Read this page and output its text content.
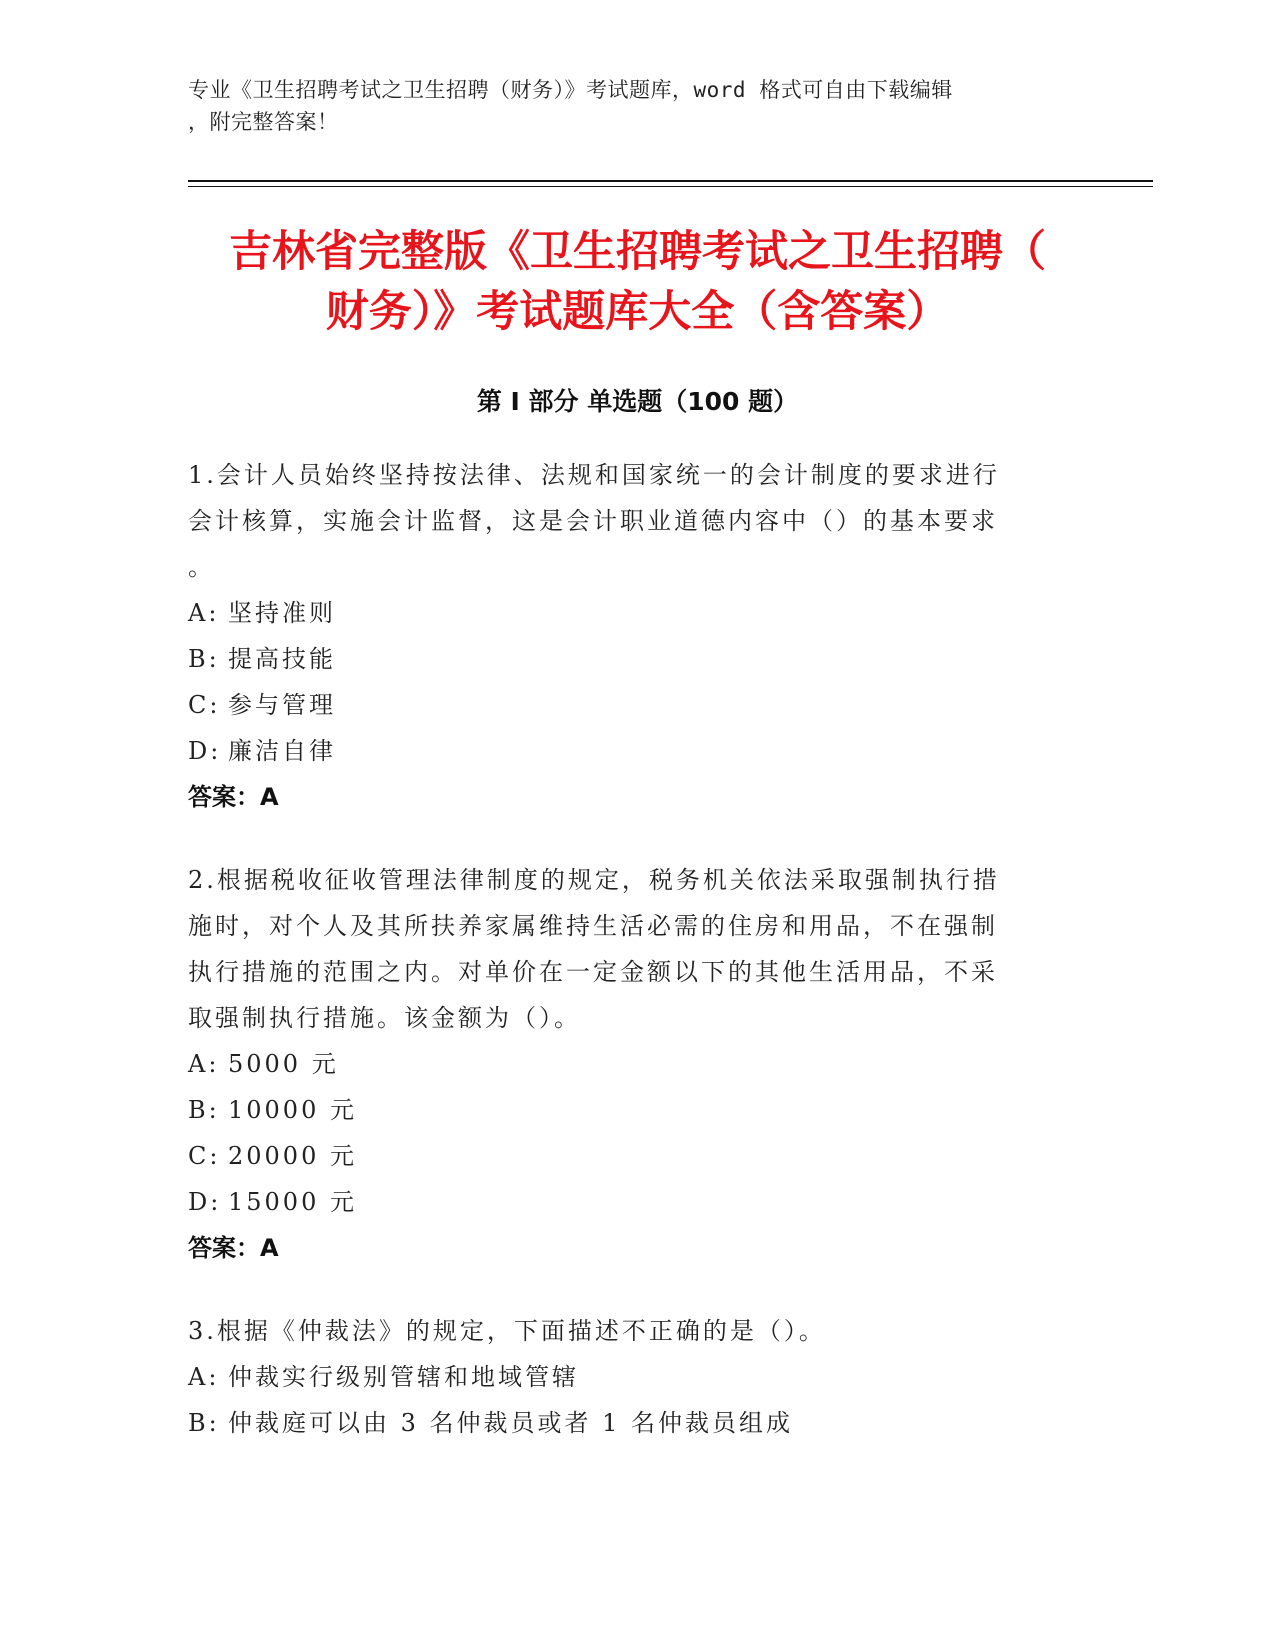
专业《卫生招聘考试之卫生招聘（财务）》考试题库，word 格式可自由下载编辑
，附完整答案！
吉林省完整版《卫生招聘考试之卫生招聘（
财务）》考试题库大全（含答案）
第 I 部分 单选题（100 题）
1.会计人员始终坚持按法律、法规和国家统一的会计制度的要求进行
会计核算，实施会计监督，这是会计职业道德内容中（）的基本要求
。
A: 坚持准则
B: 提高技能
C: 参与管理
D: 廉洁自律
答案：A
2.根据税收征收管理法律制度的规定，税务机关依法采取强制执行措
施时，对个人及其所扶养家属维持生活必需的住房和用品，不在强制
执行措施的范围之内。对单价在一定金额以下的其他生活用品，不采
取强制执行措施。该金额为（）。
A: 5000 元
B: 10000 元
C: 20000 元
D: 15000 元
答案：A
3.根据《仲裁法》的规定，下面描述不正确的是（）。
A: 仲裁实行级别管辖和地域管辖
B: 仲裁庭可以由 3 名仲裁员或者 1 名仲裁员组成
